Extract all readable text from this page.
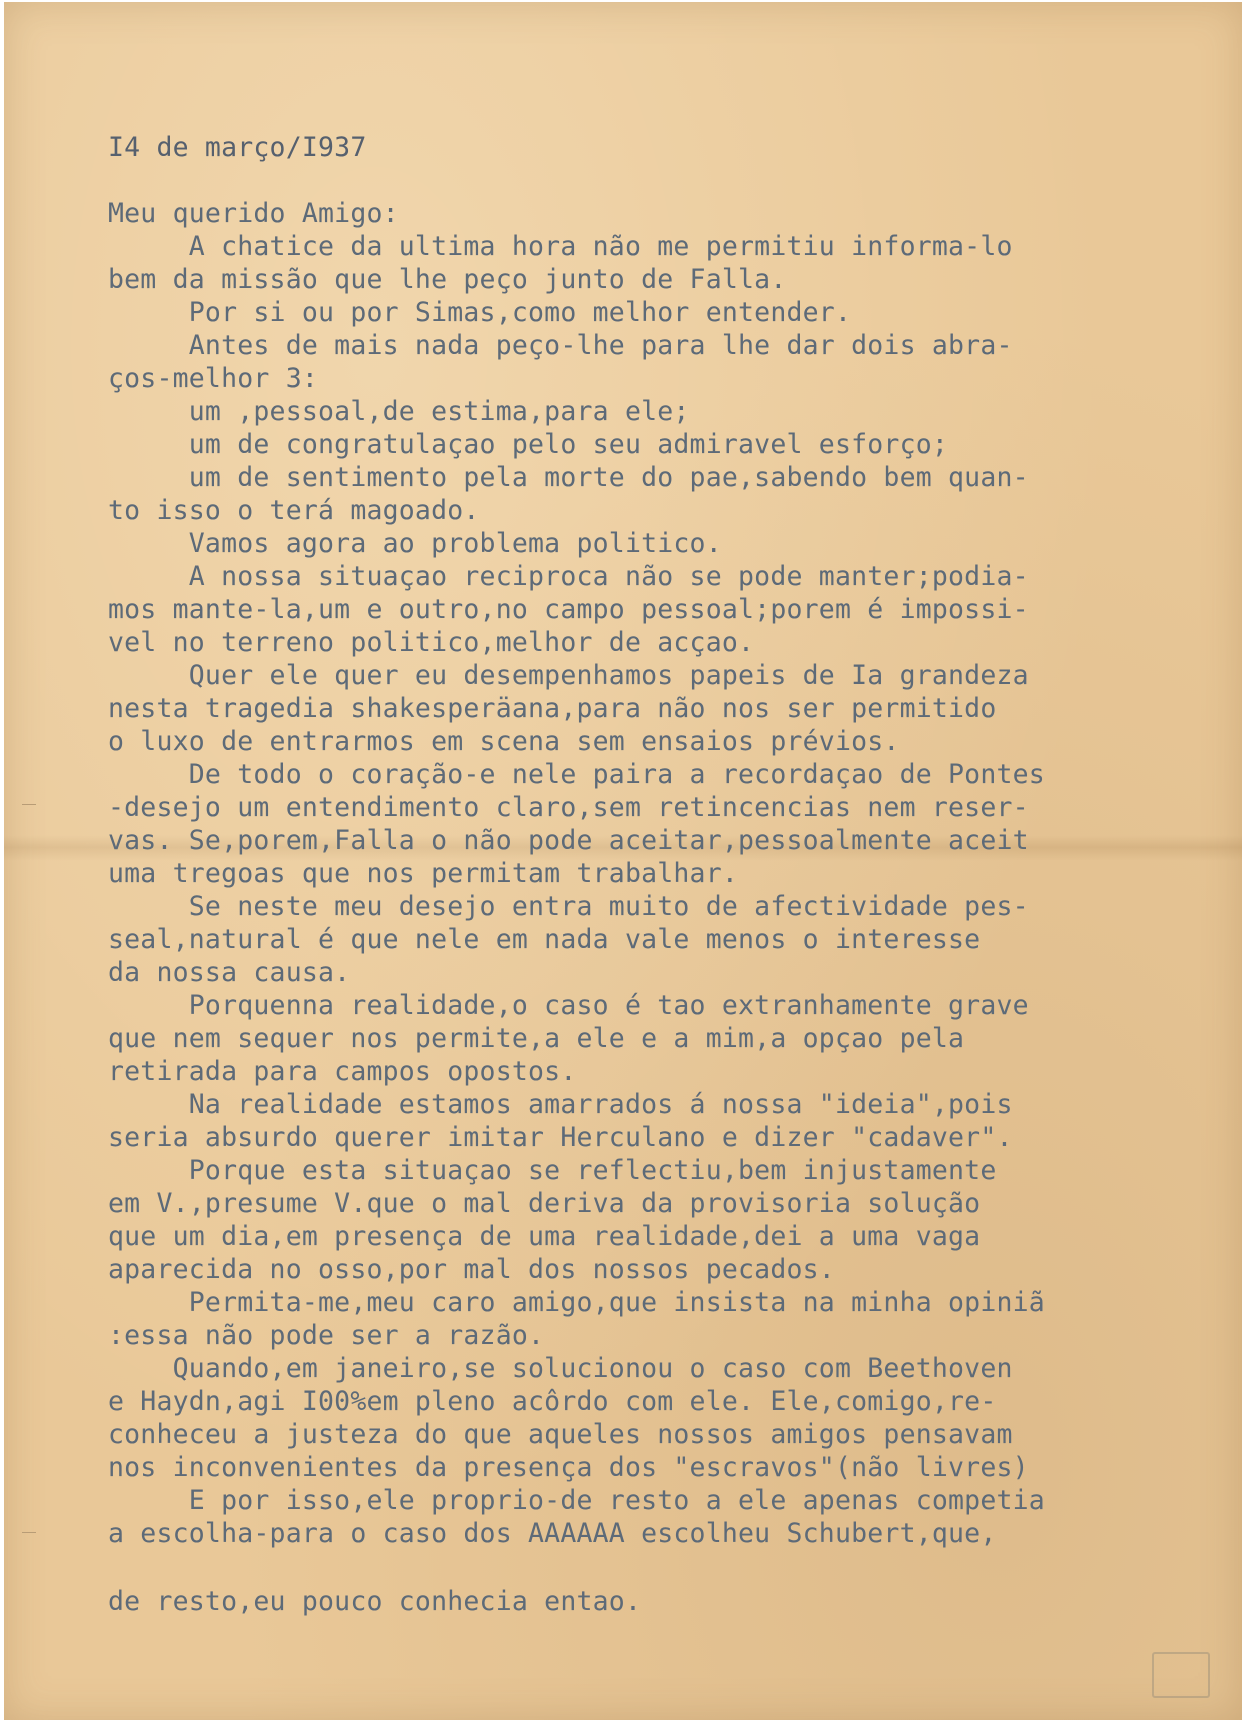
I4 de março/I937
Meu querido Amigo:
A chatice da ultima hora não me permitiu informa-lo
bem da missão que lhe peço junto de Falla.
Por si ou por Simas,como melhor entender.
Antes de mais nada peço-lhe para lhe dar dois abra-
ços-melhor 3:
um ,pessoal,de estima,para ele;
um de congratulaçao pelo seu admiravel esforço;
um de sentimento pela morte do pae,sabendo bem quan-
to isso o terá magoado.
Vamos agora ao problema politico.
A nossa situaçao reciproca não se pode manter;podia-
mos mante-la,um e outro,no campo pessoal;porem é impossi-
vel no terreno politico,melhor de acçao.
Quer ele quer eu desempenhamos papeis de Ia grandeza
nesta tragedia shakesperäana,para não nos ser permitido
o luxo de entrarmos em scena sem ensaios prévios.
De todo o coração-e nele paira a recordaçao de Pontes
-desejo um entendimento claro,sem retincencias nem reser-
vas. Se,porem,Falla o não pode aceitar,pessoalmente aceit
uma tregoas que nos permitam trabalhar.
Se neste meu desejo entra muito de afectividade pes-
seal,natural é que nele em nada vale menos o interesse
da nossa causa.
Porquenna realidade,o caso é tao extranhamente grave
que nem sequer nos permite,a ele e a mim,a opçao pela
retirada para campos opostos.
Na realidade estamos amarrados á nossa "ideia",pois
seria absurdo querer imitar Herculano e dizer "cadaver".
Porque esta situaçao se reflectiu,bem injustamente
em V.,presume V.que o mal deriva da provisoria solução
que um dia,em presença de uma realidade,dei a uma vaga
aparecida no osso,por mal dos nossos pecados.
Permita-me,meu caro amigo,que insista na minha opiniã
:essa não pode ser a razão.
Quando,em janeiro,se solucionou o caso com Beethoven
e Haydn,agi I00%em pleno acôrdo com ele. Ele,comigo,re-
conheceu a justeza do que aqueles nossos amigos pensavam
nos inconvenientes da presença dos "escravos"(não livres)
E por isso,ele proprio-de resto a ele apenas competia
a escolha-para o caso dos AAAAAA escolheu Schubert,que,
de resto,eu pouco conhecia entao.
